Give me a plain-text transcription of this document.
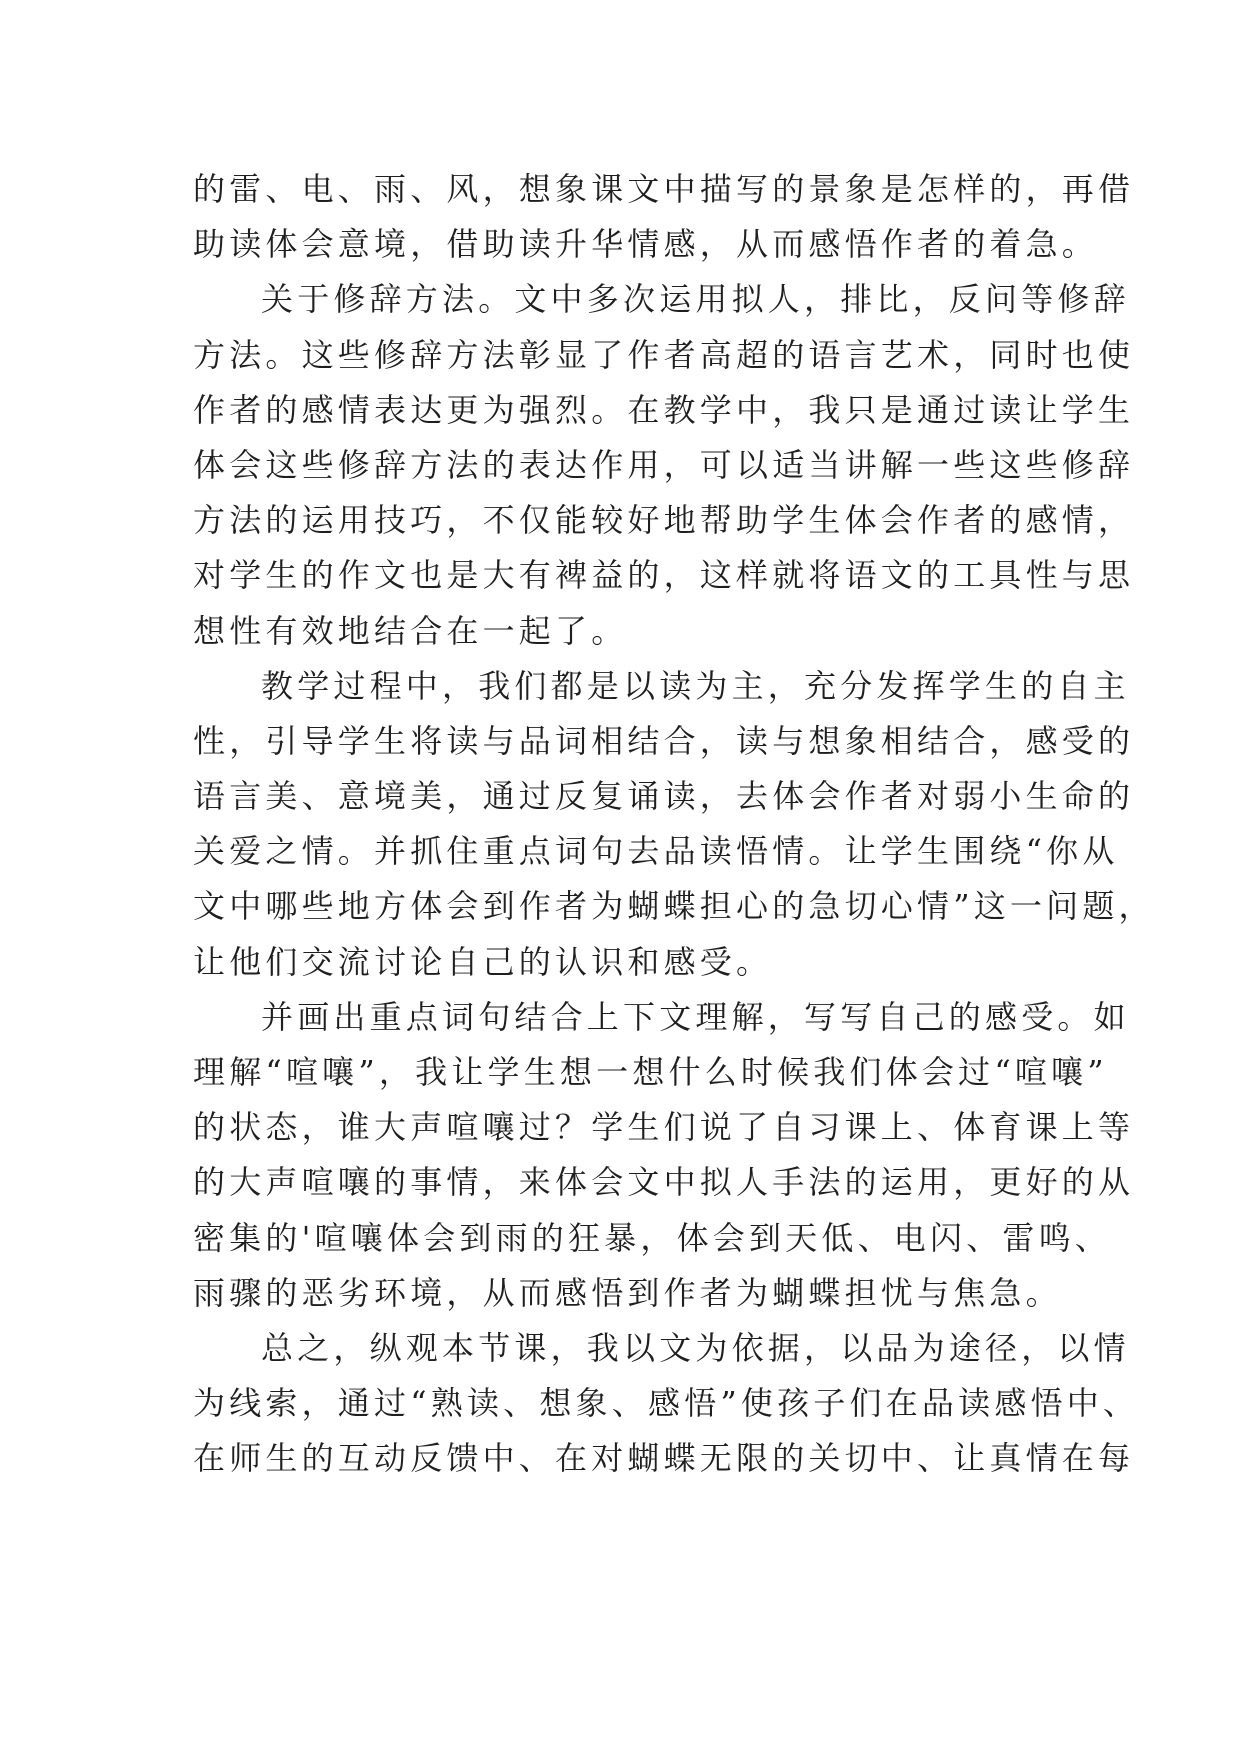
的雷、电、雨、风，想象课文中描写的景象是怎样的，再借
助读体会意境，借助读升华情感，从而感悟作者的着急。
关于修辞方法。文中多次运用拟人，排比，反问等修辞
方法。这些修辞方法彰显了作者高超的语言艺术，同时也使
作者的感情表达更为强烈。在教学中，我只是通过读让学生
体会这些修辞方法的表达作用，可以适当讲解一些这些修辞
方法的运用技巧，不仅能较好地帮助学生体会作者的感情，
对学生的作文也是大有裨益的，这样就将语文的工具性与思
想性有效地结合在一起了。
教学过程中，我们都是以读为主，充分发挥学生的自主
性，引导学生将读与品词相结合，读与想象相结合，感受的
语言美、意境美，通过反复诵读，去体会作者对弱小生命的
关爱之情。并抓住重点词句去品读悟情。让学生围绕“你从
文中哪些地方体会到作者为蝴蝶担心的急切心情”这一问题，
让他们交流讨论自己的认识和感受。
并画出重点词句结合上下文理解，写写自己的感受。如
理解“喧嚷”，我让学生想一想什么时候我们体会过“喧嚷”
的状态，谁大声喧嚷过？学生们说了自习课上、体育课上等
的大声喧嚷的事情，来体会文中拟人手法的运用，更好的从
密集的'喧嚷体会到雨的狂暴，体会到天低、电闪、雷鸣、
雨骤的恶劣环境，从而感悟到作者为蝴蝶担忧与焦急。
总之，纵观本节课，我以文为依据，以品为途径，以情
为线索，通过“熟读、想象、感悟”使孩子们在品读感悟中、
在师生的互动反馈中、在对蝴蝶无限的关切中、让真情在每
